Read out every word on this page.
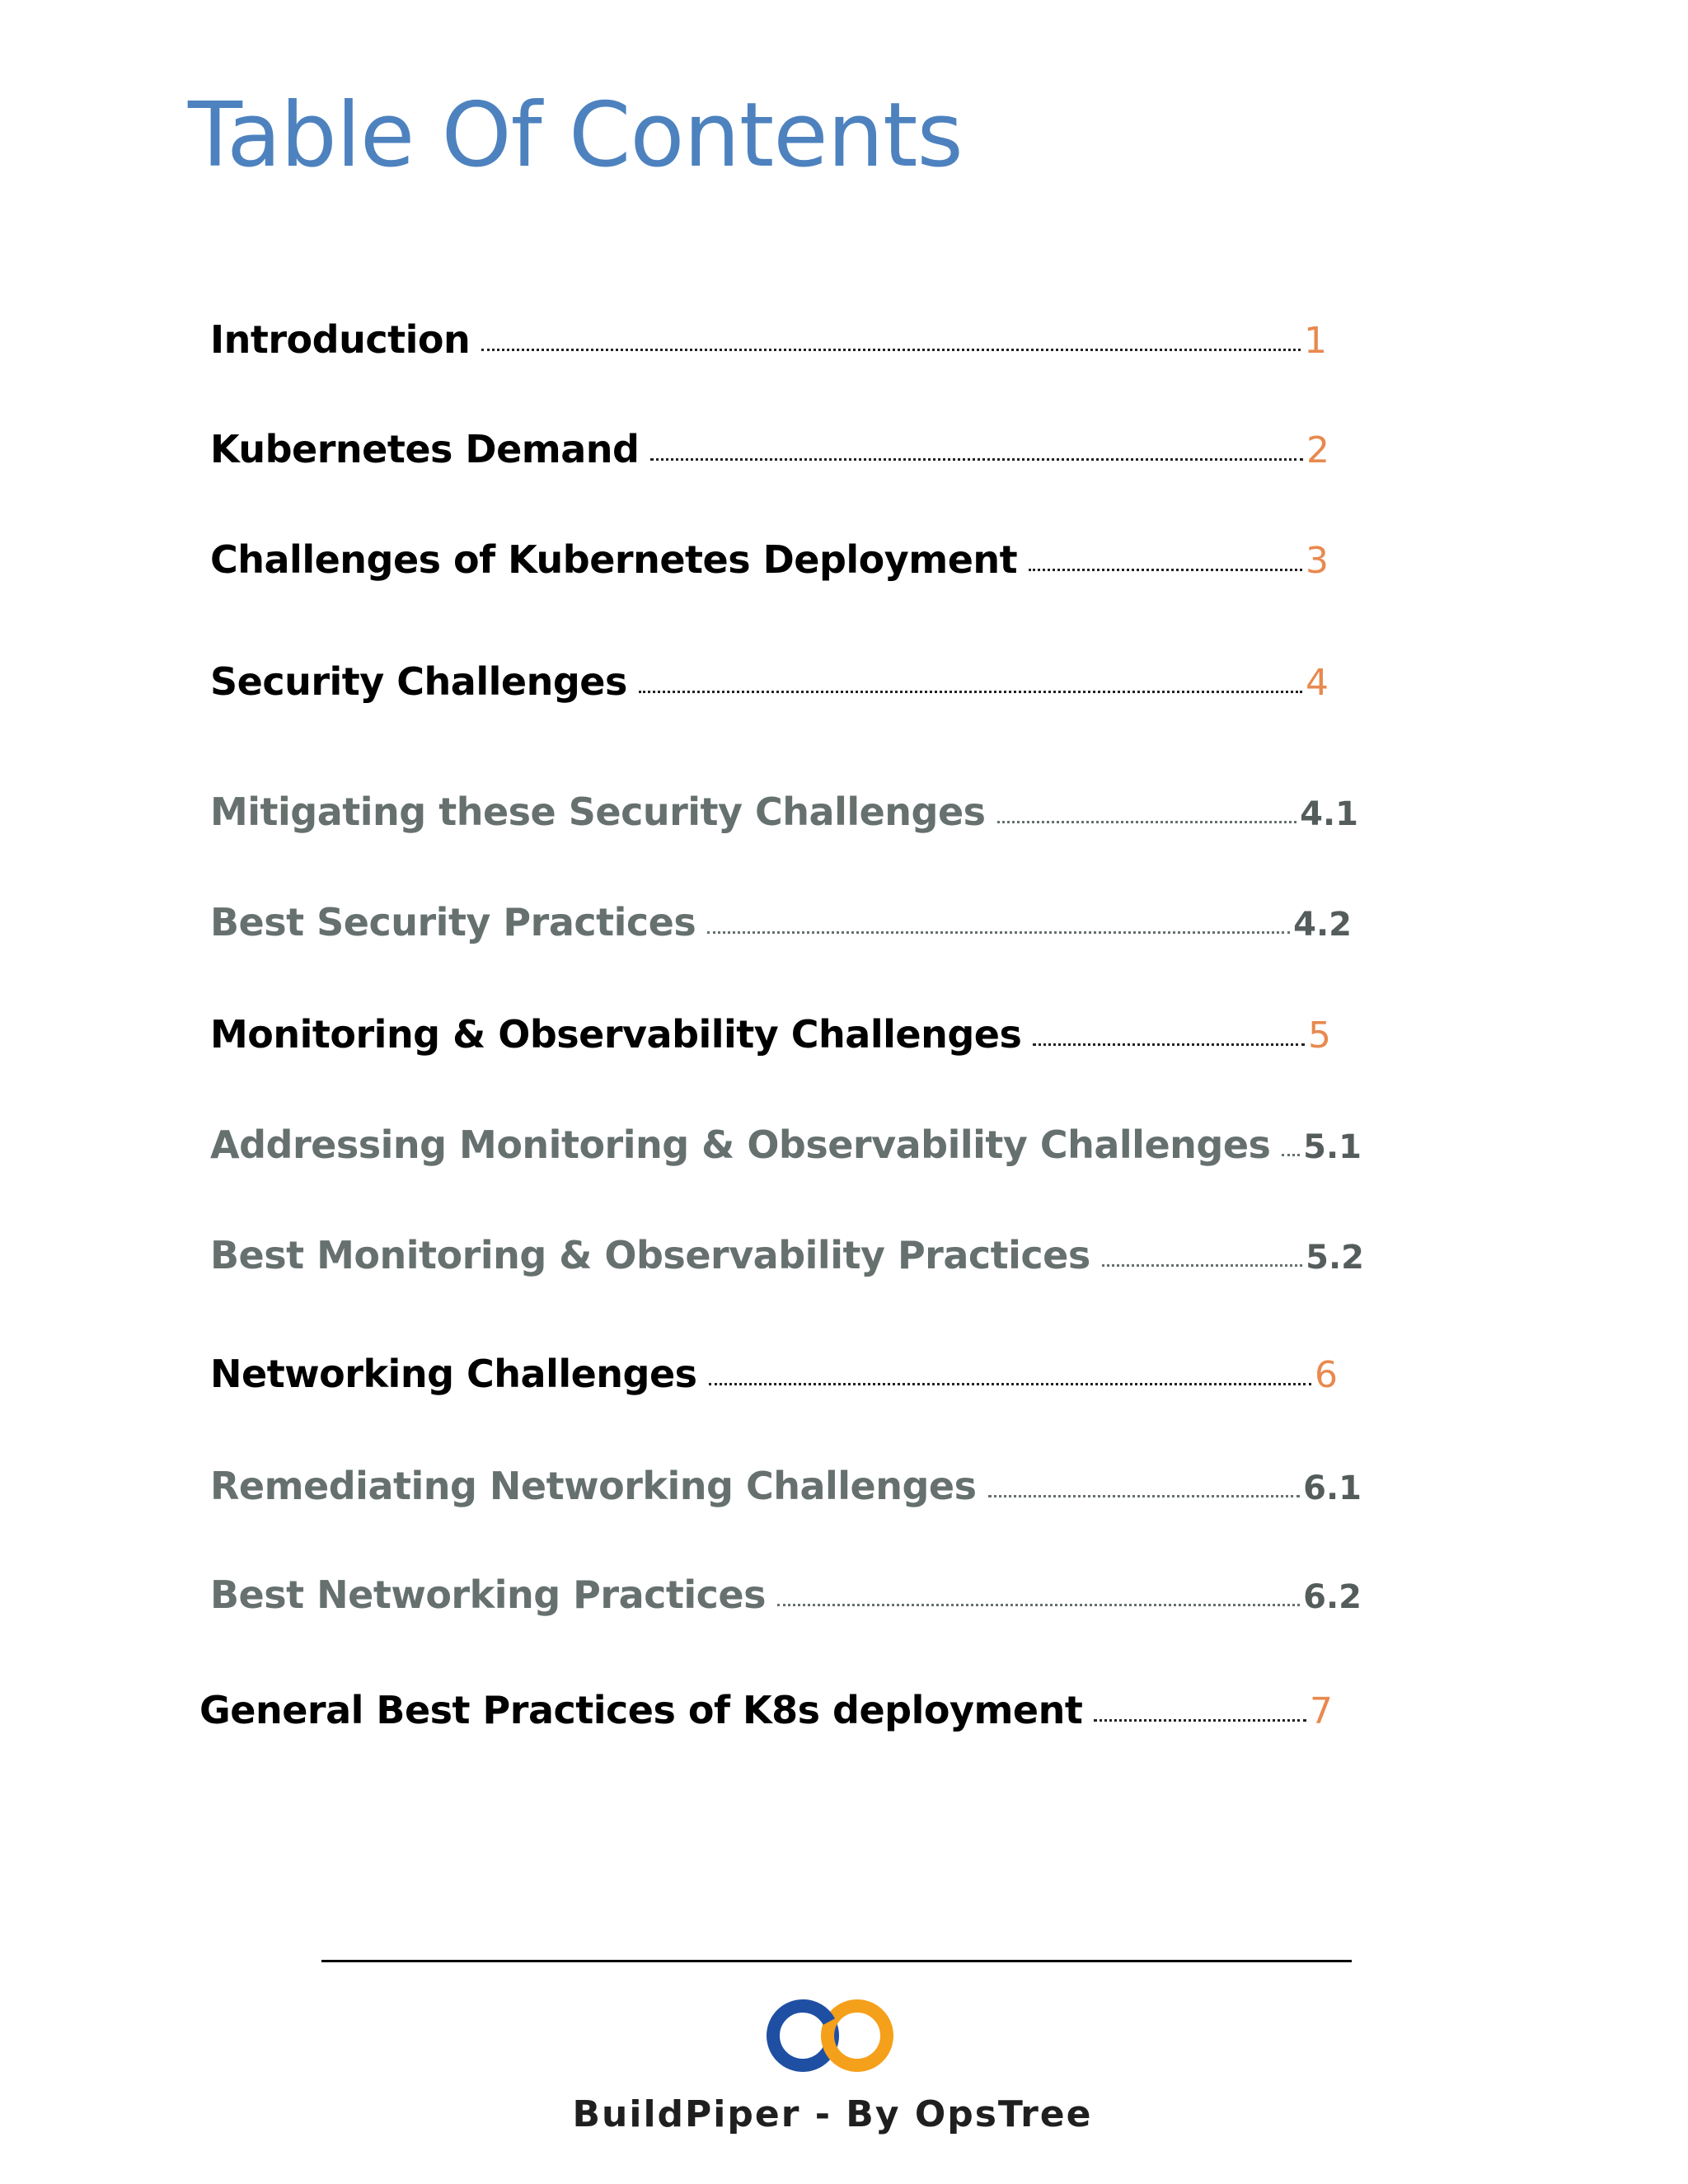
Table Of Contents
Introduction	1
Kubernetes Demand	2
Challenges of Kubernetes Deployment	3
Security Challenges	4
Mitigating these Security Challenges	4.1
Best Security Practices	4.2
Monitoring & Observability Challenges	5
Addressing Monitoring & Observability Challenges 5.1
Best Monitoring & Observability Practices	5.2
Networking Challenges	6
Remediating Networking Challenges	6.1
Best Networking Practices	6.2
General Best Practices of K8s deployment	7
BuildPiper - By OpsTree
